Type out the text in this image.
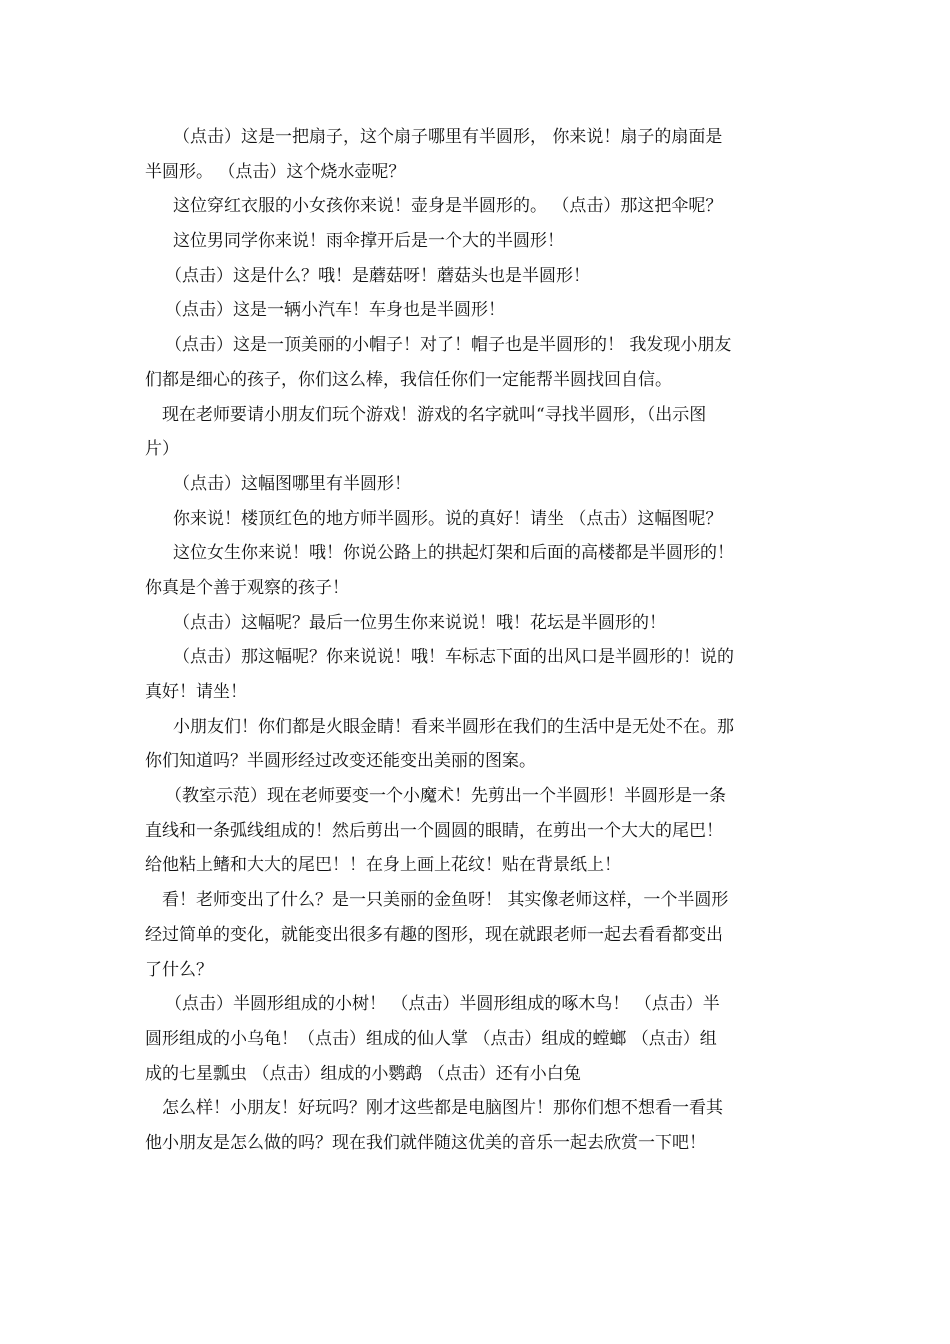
（点击）这是一把扇子，这个扇子哪里有半圆形， 你来说！扇子的扇面是
半圆形。 （点击）这个烧水壶呢？
这位穿红衣服的小女孩你来说！壶身是半圆形的。 （点击）那这把伞呢？
这位男同学你来说！雨伞撑开后是一个大的半圆形！
（点击）这是什么？哦！是蘑菇呀！蘑菇头也是半圆形！
（点击）这是一辆小汽车！车身也是半圆形！
（点击）这是一顶美丽的小帽子！对了！帽子也是半圆形的！ 我发现小朋友
们都是细心的孩子，你们这么棒，我信任你们一定能帮半圆找回自信。
现在老师要请小朋友们玩个游戏！游戏的名字就叫“寻找半圆形，（出示图
片）
（点击）这幅图哪里有半圆形！
你来说！楼顶红色的地方师半圆形。说的真好！请坐 （点击）这幅图呢？
这位女生你来说！哦！你说公路上的拱起灯架和后面的高楼都是半圆形的！
你真是个善于观察的孩子！
（点击）这幅呢？最后一位男生你来说说！哦！花坛是半圆形的！
（点击）那这幅呢？你来说说！哦！车标志下面的出风口是半圆形的！说的
真好！请坐！
小朋友们！你们都是火眼金睛！看来半圆形在我们的生活中是无处不在。那
你们知道吗？半圆形经过改变还能变出美丽的图案。
（教室示范）现在老师要变一个小魔术！先剪出一个半圆形！半圆形是一条
直线和一条弧线组成的！然后剪出一个圆圆的眼睛，在剪出一个大大的尾巴！
给他粘上鳍和大大的尾巴！！在身上画上花纹！贴在背景纸上！
看！老师变出了什么？是一只美丽的金鱼呀！ 其实像老师这样，一个半圆形
经过简单的变化，就能变出很多有趣的图形，现在就跟老师一起去看看都变出
了什么？
（点击）半圆形组成的小树！ （点击）半圆形组成的啄木鸟！ （点击）半
圆形组成的小乌龟！（点击）组成的仙人掌 （点击）组成的螳螂 （点击）组
成的七星瓢虫 （点击）组成的小鹦鹉 （点击）还有小白兔
怎么样！小朋友！好玩吗？刚才这些都是电脑图片！那你们想不想看一看其
他小朋友是怎么做的吗？现在我们就伴随这优美的音乐一起去欣赏一下吧！
